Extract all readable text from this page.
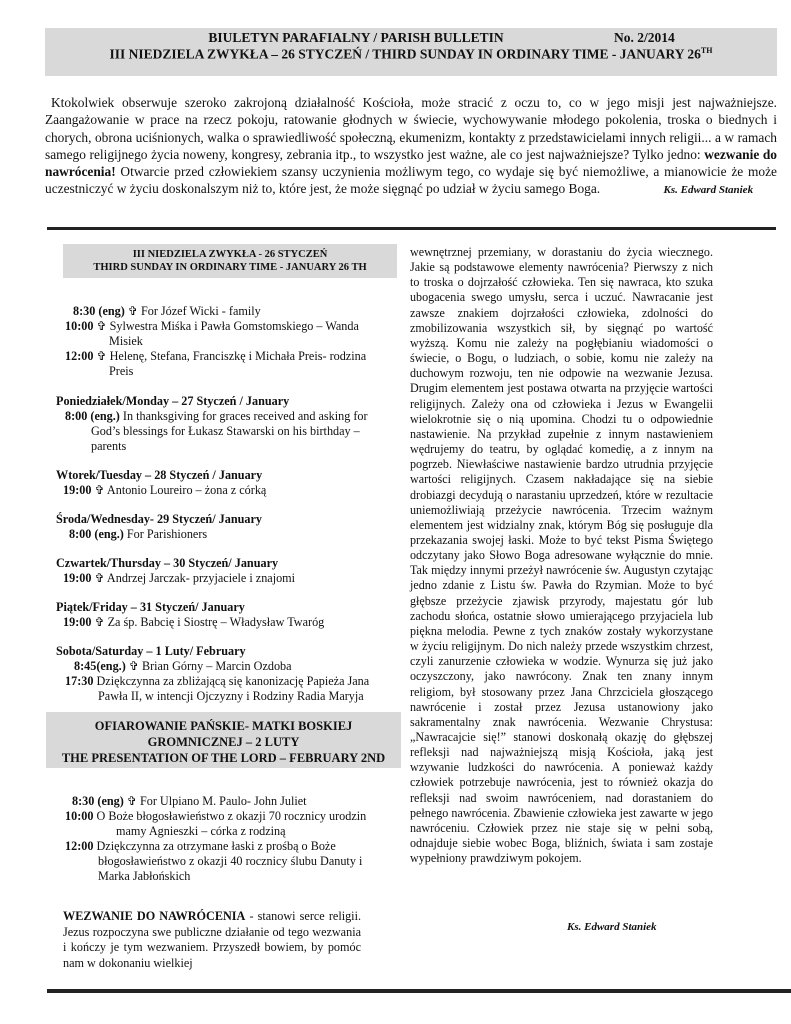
BIULETYN PARAFIALNY / PARISH BULLETIN	No. 2/2014
III NIEDZIELA ZWYKŁA – 26 STYCZEŃ / THIRD SUNDAY IN ORDINARY TIME - JANUARY 26TH
Ktokolwiek obserwuje szeroko zakrojoną działalność Kościoła, może stracić z oczu to, co w jego misji jest najważniejsze. Zaangażowanie w prace na rzecz pokoju, ratowanie głodnych w świecie, wychowywanie młodego pokolenia, troska o biednych i chorych, obrona uciśnionych, walka o sprawiedliwość społeczną, ekumenizm, kontakty z przedstawicielami innych religii... a w ramach samego religijnego życia noweny, kongresy, zebrania itp., to wszystko jest ważne, ale co jest najważniejsze? Tylko jedno: wezwanie do nawrócenia! Otwarcie przed człowiekiem szansy uczynienia możliwym tego, co wydaje się być niemożliwe, a mianowicie że może uczestniczyć w życiu doskonalszym niż to, które jest, że może sięgnąć po udział w życiu samego Boga.	Ks. Edward Staniek
III NIEDZIELA ZWYKŁA - 26 STYCZEŃ
THIRD SUNDAY IN ORDINARY TIME - JANUARY 26 TH
8:30 (eng) ✞ For Józef Wicki - family
10:00 ✞ Sylwestra Miśka i Pawła Gomstomskiego – Wanda
Misiek
12:00 ✞ Helenę, Stefana, Franciszkę i Michała Preis- rodzina
Preis
Poniedziałek/Monday – 27 Styczeń / January
8:00 (eng.) In thanksgiving for graces received and asking for
God’s blessings for Łukasz Stawarski on his birthday –
parents
Wtorek/Tuesday – 28 Styczeń / January
19:00 ✞ Antonio Loureiro – żona z córką
Środa/Wednesday- 29 Styczeń/ January
8:00 (eng.) For Parishioners
Czwartek/Thursday – 30 Styczeń/ January
19:00 ✞ Andrzej Jarczak- przyjaciele i znajomi
Piątek/Friday – 31 Styczeń/ January
19:00 ✞ Za śp. Babcię i Siostrę – Władysław Twaróg
Sobota/Saturday – 1 Luty/ February
8:45(eng.) ✞ Brian Górny – Marcin Ozdoba
17:30 Dziękczynna za zbliżającą się kanonizację Papieża Jana
Pawła II, w intencji Ojczyzny i Rodziny Radia Maryja
OFIAROWANIE PAŃSKIE- MATKI BOSKIEJ
GROMNICZNEJ – 2 LUTY
THE PRESENTATION OF THE LORD – FEBRUARY 2ND
8:30 (eng) ✞ For Ulpiano M. Paulo- John Juliet
10:00 O Boże błogosławieństwo z okazji 70 rocznicy urodzin
mamy Agnieszki – córka z rodziną
12:00 Dziękczynna za otrzymane łaski z prośbą o Boże
błogosławieństwo z okazji 40 rocznicy ślubu Danuty i
Marka Jabłońskich
WEZWANIE DO NAWRÓCENIA - stanowi serce religii. Jezus rozpoczyna swe publiczne działanie od tego wezwania i kończy je tym wezwaniem. Przyszedł bowiem, by pomóc nam w dokonaniu wielkiej
wewnętrznej przemiany, w dorastaniu do życia wiecznego. Jakie są podstawowe elementy nawrócenia? Pierwszy z nich to troska o dojrzałość człowieka. Ten się nawraca, kto szuka ubogacenia swego umysłu, serca i uczuć. Nawracanie jest zawsze znakiem dojrzałości człowieka, zdolności do zmobilizowania wszystkich sił, by sięgnąć po wartość wyższą. Komu nie zależy na pogłębianiu wiadomości o świecie, o Bogu, o ludziach, o sobie, komu nie zależy na duchowym rozwoju, ten nie odpowie na wezwanie Jezusa. Drugim elementem jest postawa otwarta na przyjęcie wartości religijnych. Zależy ona od człowieka i Jezus w Ewangelii wielokrotnie się o nią upomina. Chodzi tu o odpowiednie nastawienie. Na przykład zupełnie z innym nastawieniem wędrujemy do teatru, by oglądać komedię, a z innym na pogrzeb. Niewłaściwe nastawienie bardzo utrudnia przyjęcie wartości religijnych. Czasem nakładające się na siebie drobiazgi decydują o narastaniu uprzedzeń, które w rezultacie uniemożliwiają przeżycie nawrócenia. Trzecim ważnym elementem jest widzialny znak, którym Bóg się posługuje dla przekazania swojej łaski. Może to być tekst Pisma Świętego odczytany jako Słowo Boga adresowane wyłącznie do mnie. Tak między innymi przeżył nawrócenie św. Augustyn czytając jedno zdanie z Listu św. Pawła do Rzymian. Może to być głębsze przeżycie zjawisk przyrody, majestatu gór lub zachodu słońca, ostatnie słowo umierającego przyjaciela lub piękna melodia. Pewne z tych znaków zostały wykorzystane w życiu religijnym. Do nich należy przede wszystkim chrzest, czyli zanurzenie człowieka w wodzie. Wynurza się już jako oczyszczony, jako nawrócony. Znak ten znany innym religiom, był stosowany przez Jana Chrzciciela głoszącego nawrócenie i został przez Jezusa ustanowiony jako sakramentalny znak nawrócenia. Wezwanie Chrystusa: „Nawracajcie się!” stanowi doskonałą okazję do głębszej refleksji nad najważniejszą misją Kościoła, jaką jest wzywanie ludzkości do nawrócenia. A ponieważ każdy człowiek potrzebuje nawrócenia, jest to również okazja do refleksji nad swoim nawróceniem, nad dorastaniem do pełnego nawrócenia. Zbawienie człowieka jest zawarte w jego nawróceniu. Człowiek przez nie staje się w pełni sobą, odnajduje siebie wobec Boga, bliźnich, świata i sam zostaje wypełniony prawdziwym pokojem.
Ks. Edward Staniek
